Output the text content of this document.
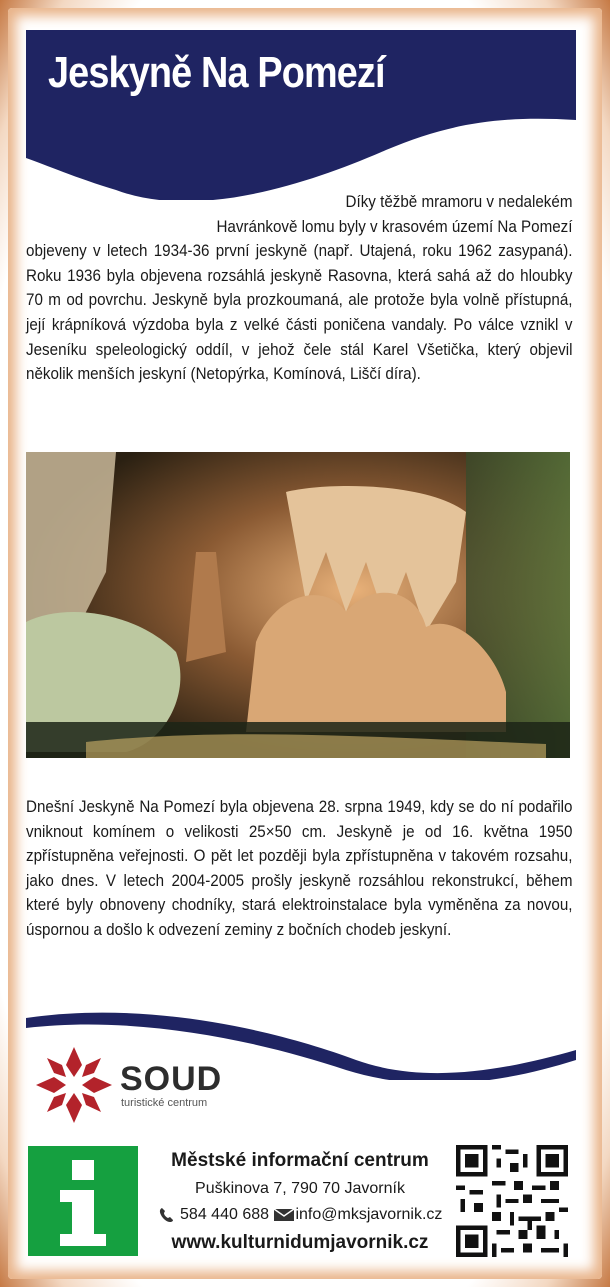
Jeskyně Na Pomezí

Díky těžbě mramoru v nedalekém
Havránkově lomu byly v krasovém území Na Pomezí
objeveny v letech 1934-36 první jeskyně (např. Utajená, roku 1962 zasypaná). Roku 1936 byla objevena rozsáhlá jeskyně Rasovna, která sahá až do hloubky 70 m od povrchu. Jeskyně byla prozkoumaná, ale protože byla volně přístupná, její krápníková výzdoba byla z velké části poničena vandaly. Po válce vznikl v Jeseníku speleologický oddíl, v jehož čele stál Karel Všetička, který objevil několik menších jeskyní (Netopýrka, Komínová, Liščí díra).

Dnešní Jeskyně Na Pomezí byla objevena 28. srpna 1949, kdy se do ní podařilo vniknout komínem o velikosti 25×50 cm. Jeskyně je od 16. května 1950 zpřístupněna veřejnosti. O pět let později byla zpřístupněna v takovém rozsahu, jako dnes. V letech 2004-2005 prošly jeskyně rozsáhlou rekonstrukcí, během které byly obnoveny chodníky, stará elektroinstalace byla vyměněna za novou, úspornou a došlo k odvezení zeminy z bočních chodeb jeskyní.

SOUD
turistické centrum
Městské informační centrum
Puškinova 7, 790 70 Javorník
584 440 688 info@mksjavornik.cz
www.kulturnidumjavornik.cz
